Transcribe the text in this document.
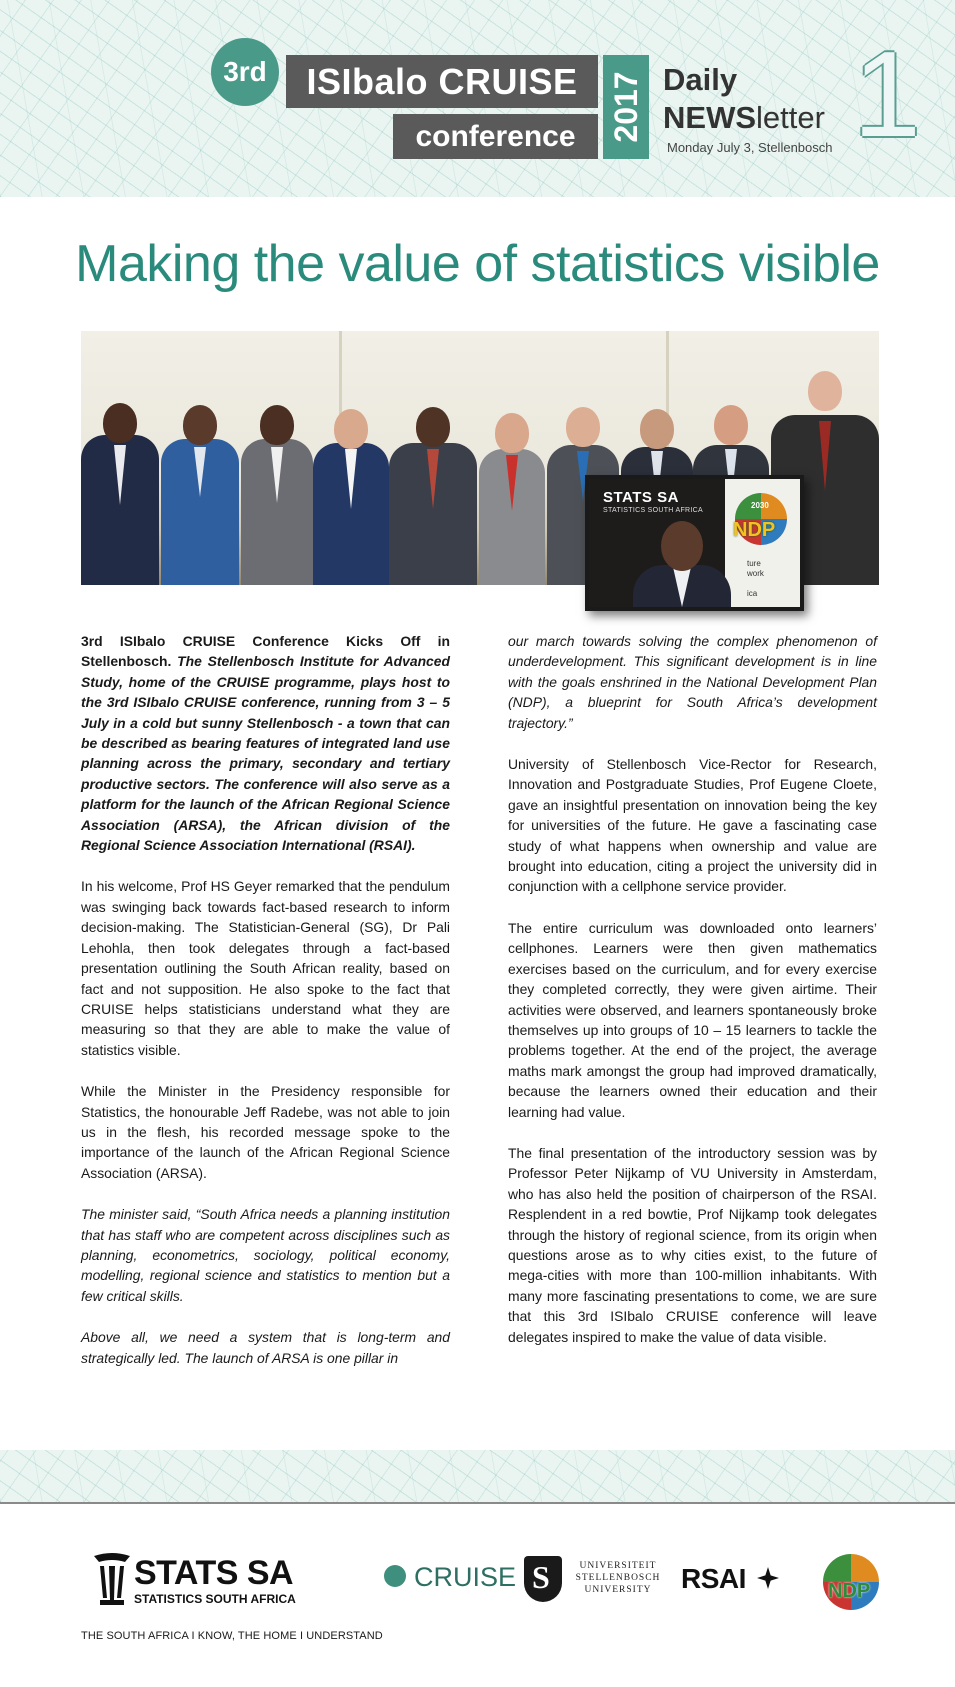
3rd	ISIbalo CRUISE
conference	2017 Daily
NEWSletter
Monday July 3, Stellenbosch 1
Making the value of statistics visible
STATS SA
STATISTICS SOUTH AFRICA
2030
NDP
ture
work

ica

3rd ISIbalo CRUISE Conference Kicks Off in Stellenbosch. The Stellenbosch Institute for Advanced Study, home of the CRUISE programme, plays host to the 3rd ISIbalo CRUISE conference, running from 3 – 5 July in a cold but sunny Stellenbosch - a town that can be described as bearing features of integrated land use planning across the primary, secondary and tertiary productive sectors. The conference will also serve as a platform for the launch of the African Regional Science Association (ARSA), the African division of the Regional Science Association International (RSAI).

In his welcome, Prof HS Geyer remarked that the pendulum was swinging back towards fact-based research to inform decision-making. The Statistician-General (SG), Dr Pali Lehohla, then took delegates through a fact-based presentation outlining the South African reality, based on fact and not supposition. He also spoke to the fact that CRUISE helps statisticians understand what they are measuring so that they are able to make the value of statistics visible.

While the Minister in the Presidency responsible for Statistics, the honourable Jeff Radebe, was not able to join us in the flesh, his recorded message spoke to the importance of the launch of the African Regional Science Association (ARSA).

The minister said, “South Africa needs a planning institution that has staff who are competent across disciplines such as planning, econometrics, sociology, political economy, modelling, regional science and statistics to mention but a few critical skills.

Above all, we need a system that is long-term and strategically led. The launch of ARSA is one pillar in

our march towards solving the complex phenomenon of underdevelopment. This significant development is in line with the goals enshrined in the National Development Plan (NDP), a blueprint for South Africa’s development trajectory.”

University of Stellenbosch Vice-Rector for Research, Innovation and Postgraduate Studies, Prof Eugene Cloete, gave an insightful presentation on innovation being the key for universities of the future. He gave a fascinating case study of what happens when ownership and value are brought into education, citing a project the university did in conjunction with a cellphone service provider.

The entire curriculum was downloaded onto learners’ cellphones. Learners were then given mathematics exercises based on the curriculum, and for every exercise they completed correctly, they were given airtime. Their activities were observed, and learners spontaneously broke themselves up into groups of 10 – 15 learners to tackle the problems together. At the end of the project, the average maths mark amongst the group had improved dramatically, because the learners owned their education and their learning had value.

The final presentation of the introductory session was by Professor Peter Nijkamp of VU University in Amsterdam, who has also held the position of chairperson of the RSAI. Resplendent in a red bowtie, Prof Nijkamp took delegates through the history of regional science, from its origin when questions arose as to why cities exist, to the future of mega-cities with more than 100-million inhabitants. With many more fascinating presentations to come, we are sure that this 3rd ISIbalo CRUISE conference will leave delegates inspired to make the value of data visible.

STATS SA
STATISTICS SOUTH AFRICA
CRUISE S	UNIVERSITEIT
STELLENBOSCH
UNIVERSITY	RSAI	NDP
THE SOUTH AFRICA I KNOW, THE HOME I UNDERSTAND
